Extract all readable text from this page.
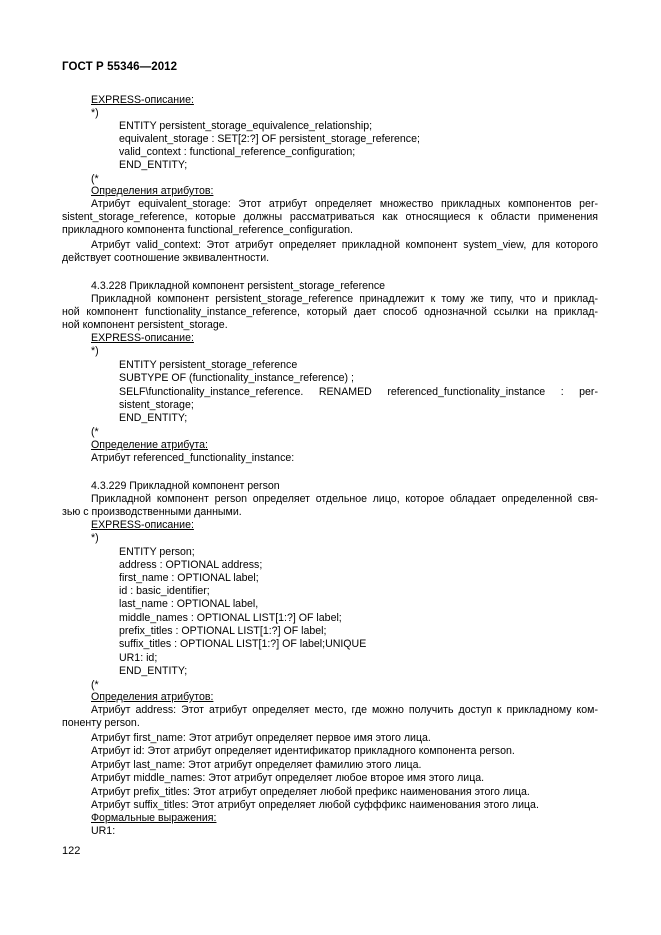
ГОСТ Р 55346—2012
EXPRESS-описание:
*)
ENTITY persistent_storage_equivalence_relationship;
equivalent_storage : SET[2:?] OF persistent_storage_reference;
valid_context : functional_reference_configuration;
END_ENTITY;
(*
Определения атрибутов:
Атрибут equivalent_storage: Этот атрибут определяет множество прикладных компонентов per-
sistent_storage_reference, которые должны рассматриваться как относящиеся к области применения
прикладного компонента functional_reference_configuration.
Атрибут valid_context: Этот атрибут определяет прикладной компонент system_view, для которого
действует соотношение эквивалентности.
4.3.228 Прикладной компонент persistent_storage_reference
Прикладной компонент persistent_storage_reference принадлежит к тому же типу, что и приклад-
ной компонент functionality_instance_reference, который дает способ однозначной ссылки на приклад-
ной компонент persistent_storage.
EXPRESS-описание:
*)
ENTITY persistent_storage_reference
SUBTYPE OF (functionality_instance_reference) ;
SELF\functionality_instance_reference. RENAMED referenced_functionality_instance : per-
sistent_storage;
END_ENTITY;
(*
Определение атрибута:
Атрибут referenced_functionality_instance:
4.3.229 Прикладной компонент person
Прикладной компонент person определяет отдельное лицо, которое обладает определенной свя-
зью с производственными данными.
EXPRESS-описание:
*)
ENTITY person;
address : OPTIONAL address;
first_name : OPTIONAL label;
id : basic_identifier;
last_name : OPTIONAL label,
middle_names : OPTIONAL LIST[1:?] OF label;
prefix_titles : OPTIONAL LIST[1:?] OF label;
suffix_titles : OPTIONAL LIST[1:?] OF label;UNIQUE
UR1: id;
END_ENTITY;
(*
Определения атрибутов:
Атрибут address: Этот атрибут определяет место, где можно получить доступ к прикладному ком-
поненту person.
Атрибут first_name: Этот атрибут определяет первое имя этого лица.
Атрибут id: Этот атрибут определяет идентификатор прикладного компонента person.
Атрибут last_name: Этот атрибут определяет фамилию этого лица.
Атрибут middle_names: Этот атрибут определяет любое второе имя этого лица.
Атрибут prefix_titles: Этот атрибут определяет любой префикс наименования этого лица.
Атрибут suffix_titles: Этот атрибут определяет любой суфффикс наименования этого лица.
Формальные выражения:
UR1:
122
